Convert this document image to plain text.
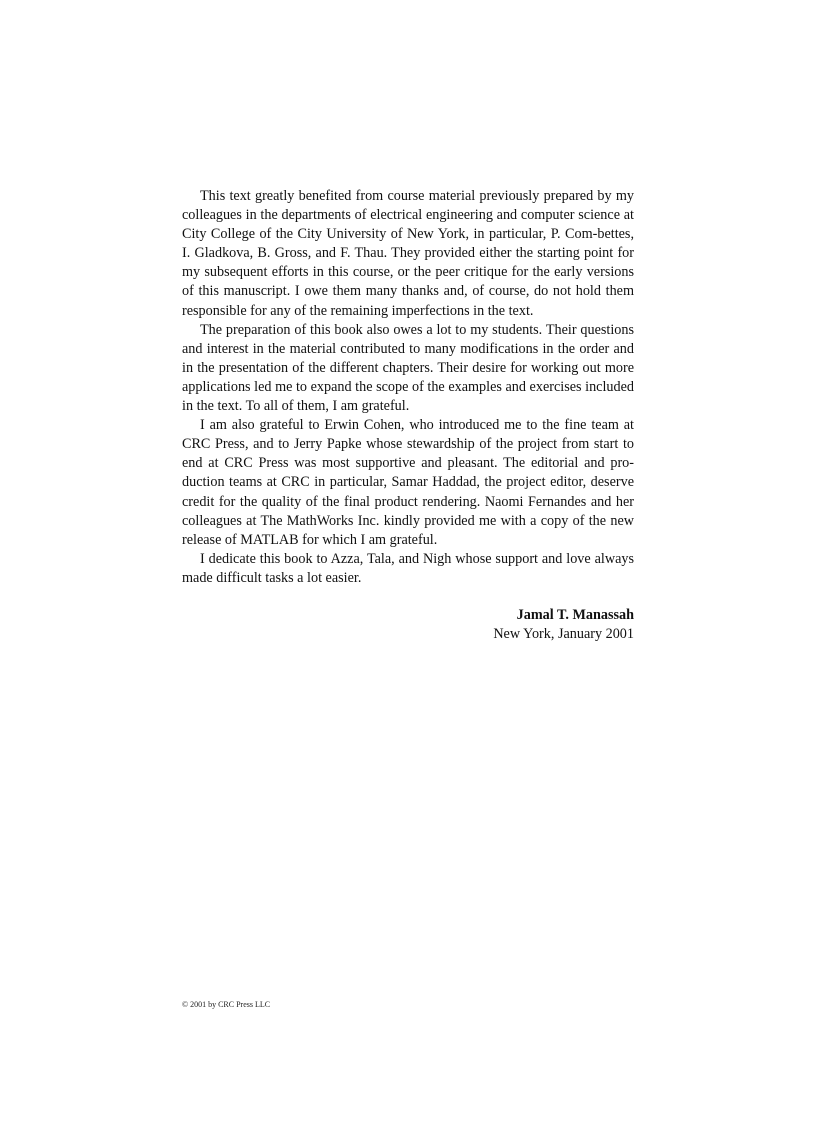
This text greatly benefited from course material previously prepared by my colleagues in the departments of electrical engineering and computer science at City College of the City University of New York, in particular, P. Com-bettes, I. Gladkova, B. Gross, and F. Thau. They provided either the starting point for my subsequent efforts in this course, or the peer critique for the early versions of this manuscript. I owe them many thanks and, of course, do not hold them responsible for any of the remaining imperfections in the text.

The preparation of this book also owes a lot to my students. Their questions and interest in the material contributed to many modifications in the order and in the presentation of the different chapters. Their desire for working out more applications led me to expand the scope of the examples and exercises included in the text. To all of them, I am grateful.

I am also grateful to Erwin Cohen, who introduced me to the fine team at CRC Press, and to Jerry Papke whose stewardship of the project from start to end at CRC Press was most supportive and pleasant. The editorial and pro-duction teams at CRC in particular, Samar Haddad, the project editor, deserve credit for the quality of the final product rendering. Naomi Fernandes and her colleagues at The MathWorks Inc. kindly provided me with a copy of the new release of MATLAB for which I am grateful.

I dedicate this book to Azza, Tala, and Nigh whose support and love always made difficult tasks a lot easier.

Jamal T. Manassah
New York, January 2001
© 2001 by CRC Press LLC
